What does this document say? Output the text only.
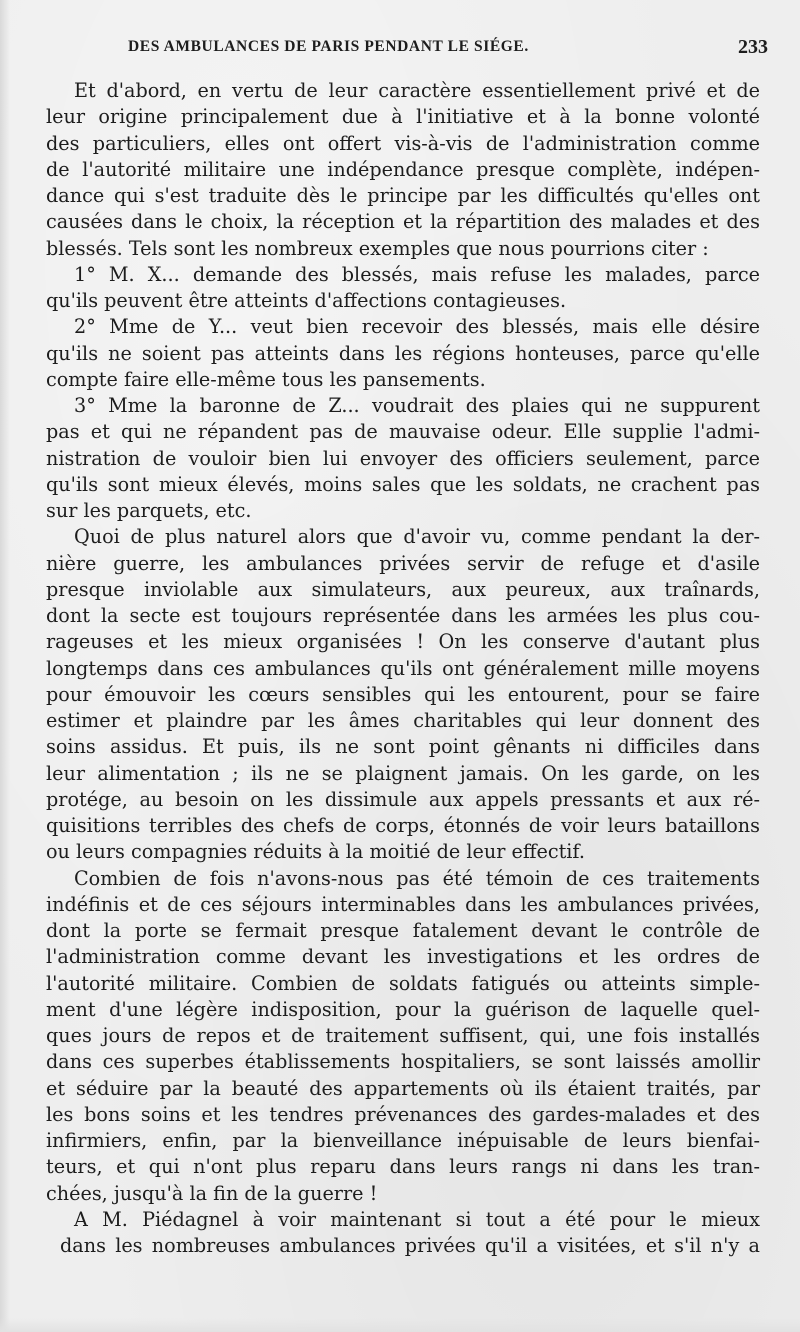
DES AMBULANCES DE PARIS PENDANT LE SIÉGE.	233
Et d'abord, en vertu de leur caractère essentiellement privé et de
leur origine principalement due à l'initiative et à la bonne volonté
des particuliers, elles ont offert vis-à-vis de l'administration comme
de l'autorité militaire une indépendance presque complète, indépen-
dance qui s'est traduite dès le principe par les difficultés qu'elles ont
causées dans le choix, la réception et la répartition des malades et des
blessés. Tels sont les nombreux exemples que nous pourrions citer :
1° M. X... demande des blessés, mais refuse les malades, parce
qu'ils peuvent être atteints d'affections contagieuses.
2° Mme de Y... veut bien recevoir des blessés, mais elle désire
qu'ils ne soient pas atteints dans les régions honteuses, parce qu'elle
compte faire elle-même tous les pansements.
3° Mme la baronne de Z... voudrait des plaies qui ne suppurent
pas et qui ne répandent pas de mauvaise odeur. Elle supplie l'admi-
nistration de vouloir bien lui envoyer des officiers seulement, parce
qu'ils sont mieux élevés, moins sales que les soldats, ne crachent pas
sur les parquets, etc.
Quoi de plus naturel alors que d'avoir vu, comme pendant la der-
nière guerre, les ambulances privées servir de refuge et d'asile
presque inviolable aux simulateurs, aux peureux, aux traînards,
dont la secte est toujours représentée dans les armées les plus cou-
rageuses et les mieux organisées ! On les conserve d'autant plus
longtemps dans ces ambulances qu'ils ont généralement mille moyens
pour émouvoir les cœurs sensibles qui les entourent, pour se faire
estimer et plaindre par les âmes charitables qui leur donnent des
soins assidus. Et puis, ils ne sont point gênants ni difficiles dans
leur alimentation ; ils ne se plaignent jamais. On les garde, on les
protége, au besoin on les dissimule aux appels pressants et aux ré-
quisitions terribles des chefs de corps, étonnés de voir leurs bataillons
ou leurs compagnies réduits à la moitié de leur effectif.
Combien de fois n'avons-nous pas été témoin de ces traitements
indéfinis et de ces séjours interminables dans les ambulances privées,
dont la porte se fermait presque fatalement devant le contrôle de
l'administration comme devant les investigations et les ordres de
l'autorité militaire. Combien de soldats fatigués ou atteints simple-
ment d'une légère indisposition, pour la guérison de laquelle quel-
ques jours de repos et de traitement suffisent, qui, une fois installés
dans ces superbes établissements hospitaliers, se sont laissés amollir
et séduire par la beauté des appartements où ils étaient traités, par
les bons soins et les tendres prévenances des gardes-malades et des
infirmiers, enfin, par la bienveillance inépuisable de leurs bienfai-
teurs, et qui n'ont plus reparu dans leurs rangs ni dans les tran-
chées, jusqu'à la fin de la guerre !
A M. Piédagnel à voir maintenant si tout a été pour le mieux
dans les nombreuses ambulances privées qu'il a visitées, et s'il n'y a
